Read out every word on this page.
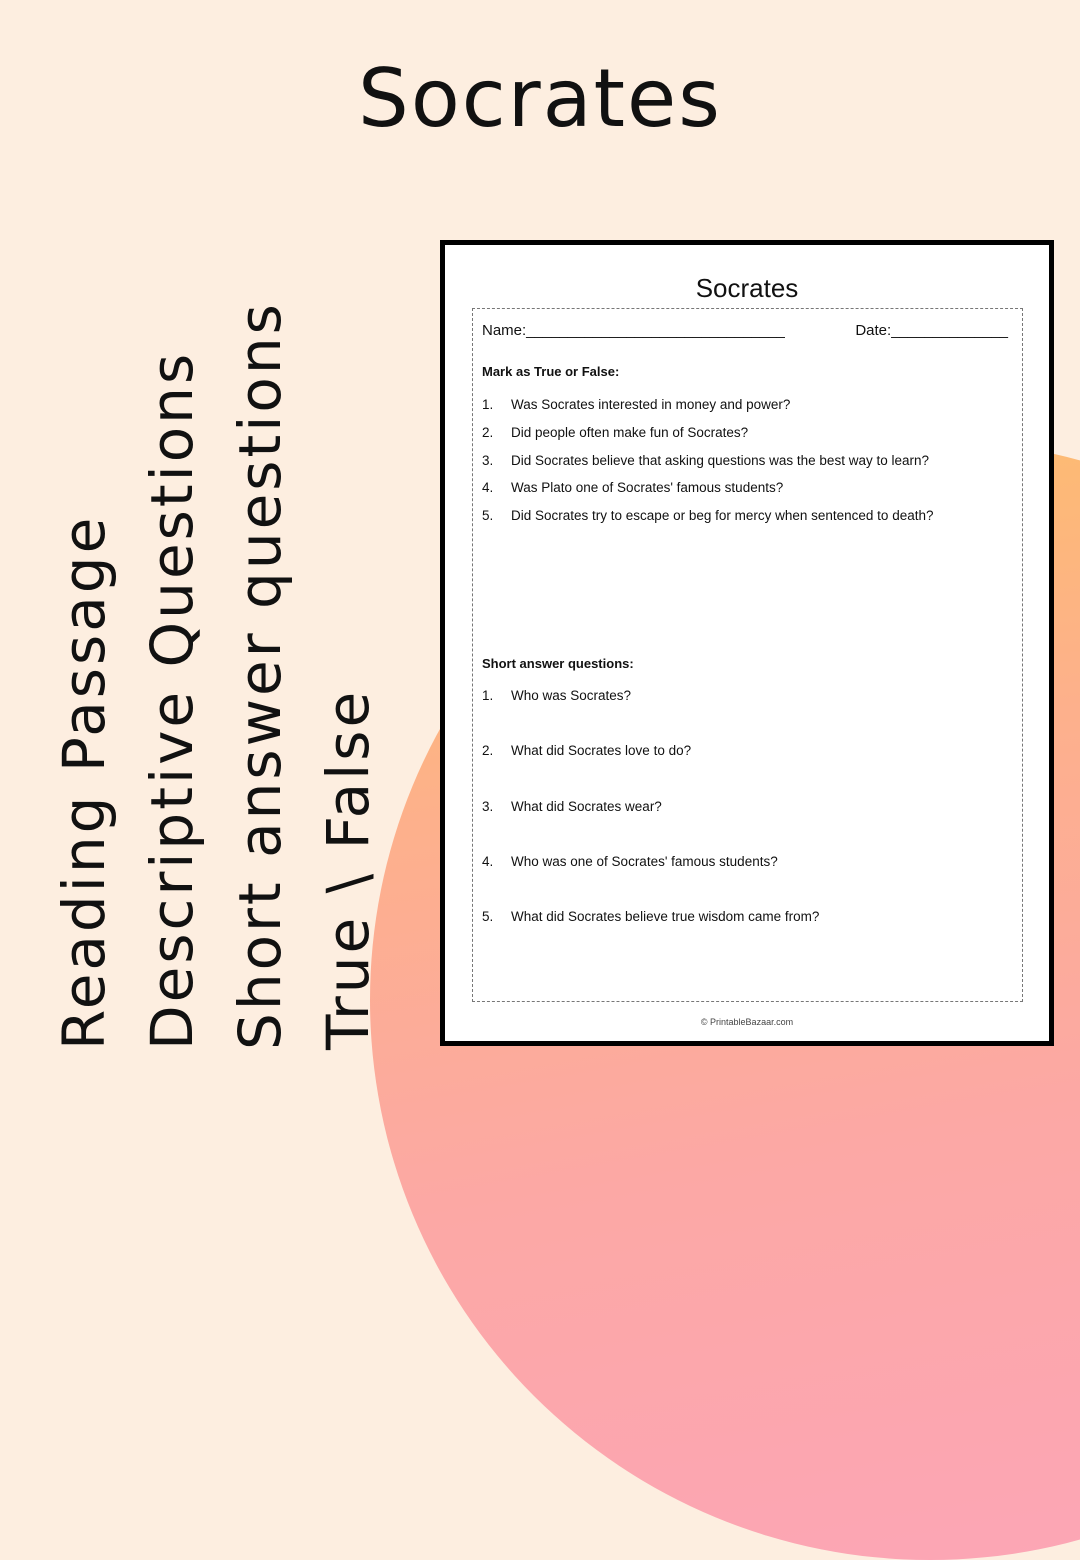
Socrates
Reading Passage Descriptive Questions Short answer questions True \ False
Socrates
Name:_______________________________	Date:______________
Mark as True or False:
1. Was Socrates interested in money and power?
2. Did people often make fun of Socrates?
3. Did Socrates believe that asking questions was the best way to learn?
4. Was Plato one of Socrates' famous students?
5. Did Socrates try to escape or beg for mercy when sentenced to death?
Short answer questions:
1. Who was Socrates?
2. What did Socrates love to do?
3. What did Socrates wear?
4. Who was one of Socrates' famous students?
5. What did Socrates believe true wisdom came from?
© PrintableBazaar.com
